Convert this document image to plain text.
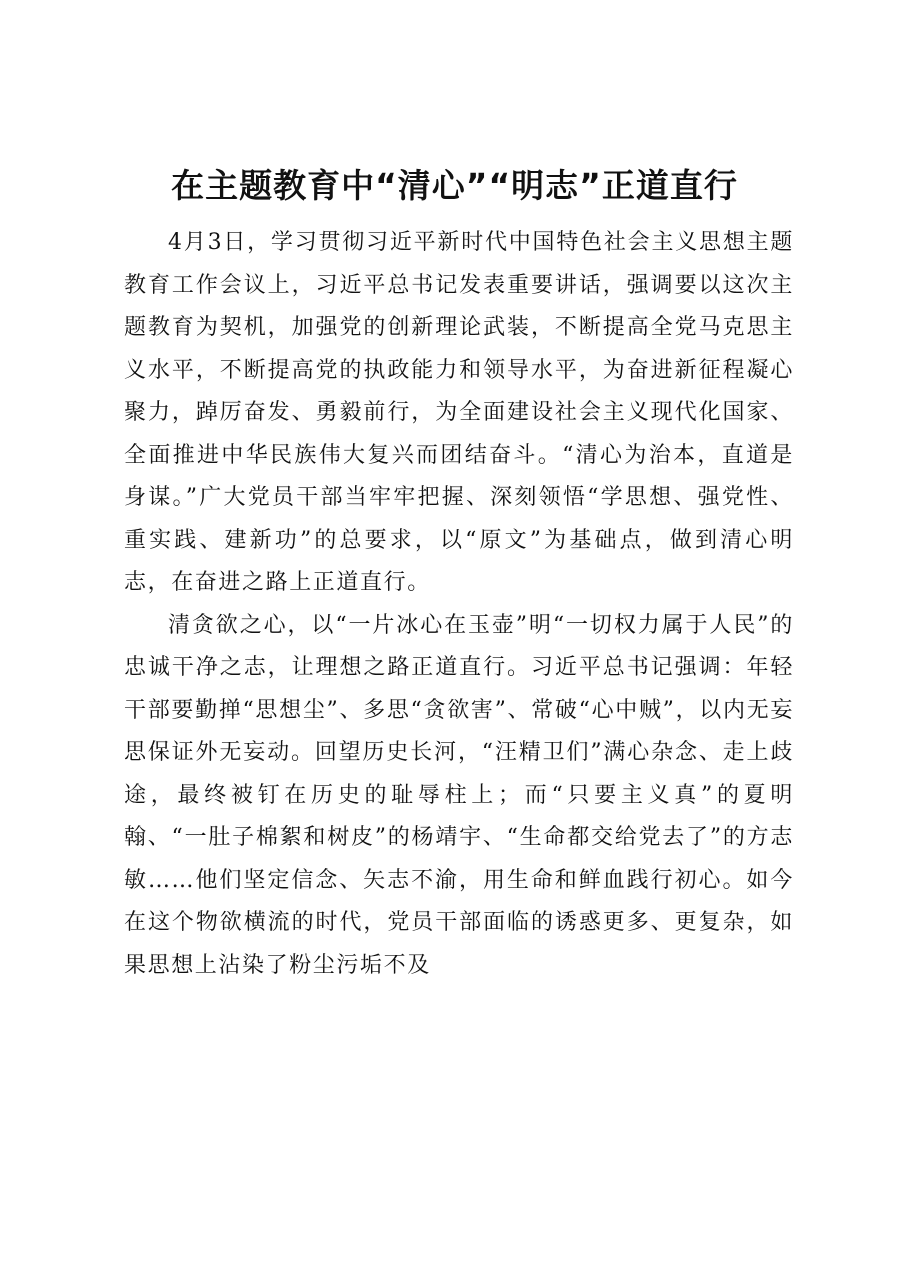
在主题教育中“清心”“明志”正道直行

4月3日，学习贯彻习近平新时代中国特色社会主义思想主题教育工作会议上，习近平总书记发表重要讲话，强调要以这次主题教育为契机，加强党的创新理论武装，不断提高全党马克思主义水平，不断提高党的执政能力和领导水平，为奋进新征程凝心聚力，踔厉奋发、勇毅前行，为全面建设社会主义现代化国家、全面推进中华民族伟大复兴而团结奋斗。“清心为治本，直道是身谋。”广大党员干部当牢牢把握、深刻领悟“学思想、强党性、重实践、建新功”的总要求，以“原文”为基础点，做到清心明志，在奋进之路上正道直行。

清贪欲之心，以“一片冰心在玉壶”明“一切权力属于人民”的忠诚干净之志，让理想之路正道直行。习近平总书记强调：年轻干部要勤掸“思想尘”、多思“贪欲害”、常破“心中贼”，以内无妄思保证外无妄动。回望历史长河，“汪精卫们”满心杂念、走上歧途，最终被钉在历史的耻辱柱上；而“只要主义真”的夏明翰、“一肚子棉絮和树皮”的杨靖宇、“生命都交给党去了”的方志敏……他们坚定信念、矢志不渝，用生命和鲜血践行初心。如今在这个物欲横流的时代，党员干部面临的诱惑更多、更复杂，如果思想上沾染了粉尘污垢不及
